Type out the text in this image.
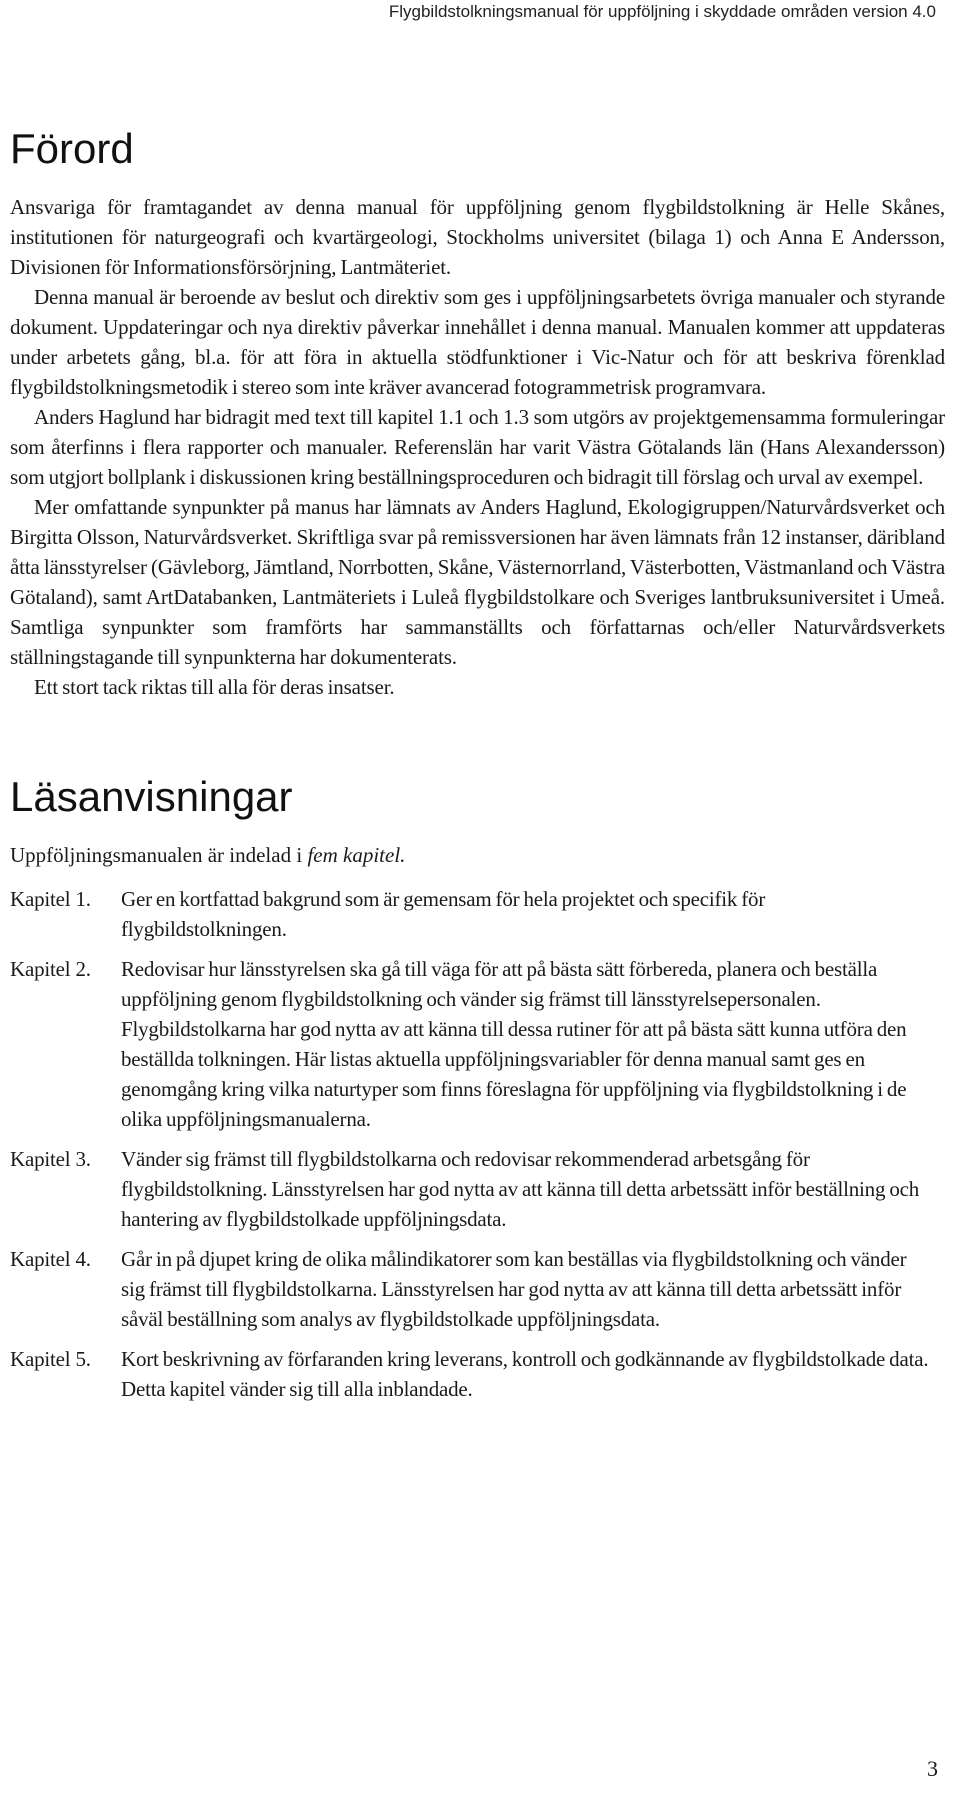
Flygbildstolkningsmanual för uppföljning i skyddade områden version 4.0
Förord

Ansvariga för framtagandet av denna manual för uppföljning genom flygbildstolkning är Helle Skånes, institutionen för naturgeografi och kvartärgeologi, Stockholms universitet (bilaga 1) och Anna E Andersson, Divisionen för Informationsförsörjning, Lantmäteriet.

Denna manual är beroende av beslut och direktiv som ges i uppföljningsarbetets övriga manualer och styrande dokument. Uppdateringar och nya direktiv påverkar innehållet i denna manual. Manualen kommer att uppdateras under arbetets gång, bl.a. för att föra in aktuella stödfunktioner i Vic-Natur och för att beskriva förenklad flygbildstolkningsmetodik i stereo som inte kräver avancerad fotogrammetrisk programvara.

Anders Haglund har bidragit med text till kapitel 1.1 och 1.3 som utgörs av projektgemensamma formuleringar som återfinns i flera rapporter och manualer. Referenslän har varit Västra Götalands län (Hans Alexandersson) som utgjort bollplank i diskussionen kring beställningsproceduren och bidragit till förslag och urval av exempel.

Mer omfattande synpunkter på manus har lämnats av Anders Haglund, Ekologigruppen/Naturvårdsverket och Birgitta Olsson, Naturvårdsverket. Skriftliga svar på remissversionen har även lämnats från 12 instanser, däribland åtta länsstyrelser (Gävleborg, Jämtland, Norrbotten, Skåne, Västernorrland, Västerbotten, Västmanland och Västra Götaland), samt ArtDatabanken, Lantmäteriets i Luleå flygbildstolkare och Sveriges lantbruksuniversitet i Umeå. Samtliga synpunkter som framförts har sammanställts och författarnas och/eller Naturvårdsverkets ställningstagande till synpunkterna har dokumenterats.

Ett stort tack riktas till alla för deras insatser.

Läsanvisningar
Uppföljningsmanualen är indelad i fem kapitel.
Kapitel 1.	Ger en kortfattad bakgrund som är gemensam för hela projektet och specifik för flygbildstolkningen.
Kapitel 2.	Redovisar hur länsstyrelsen ska gå till väga för att på bästa sätt förbereda, planera och beställa uppföljning genom flygbildstolkning och vänder sig främst till länsstyrelsepersonalen. Flygbildstolkarna har god nytta av att känna till dessa rutiner för att på bästa sätt kunna utföra den beställda tolkningen. Här listas aktuella uppföljningsvariabler för denna manual samt ges en genomgång kring vilka naturtyper som finns föreslagna för uppföljning via flygbildstolkning i de olika uppföljningsmanualerna.
Kapitel 3.	Vänder sig främst till flygbildstolkarna och redovisar rekommenderad arbetsgång för flygbildstolkning. Länsstyrelsen har god nytta av att känna till detta arbetssätt inför beställning och hantering av flygbildstolkade uppföljningsdata.
Kapitel 4.	Går in på djupet kring de olika målindikatorer som kan beställas via flygbildstolkning och vänder sig främst till flygbildstolkarna. Länsstyrelsen har god nytta av att känna till detta arbetssätt inför såväl beställning som analys av flygbildstolkade uppföljningsdata.
Kapitel 5.	Kort beskrivning av förfaranden kring leverans, kontroll och godkännande av flygbildstolkade data. Detta kapitel vänder sig till alla inblandade.
3
